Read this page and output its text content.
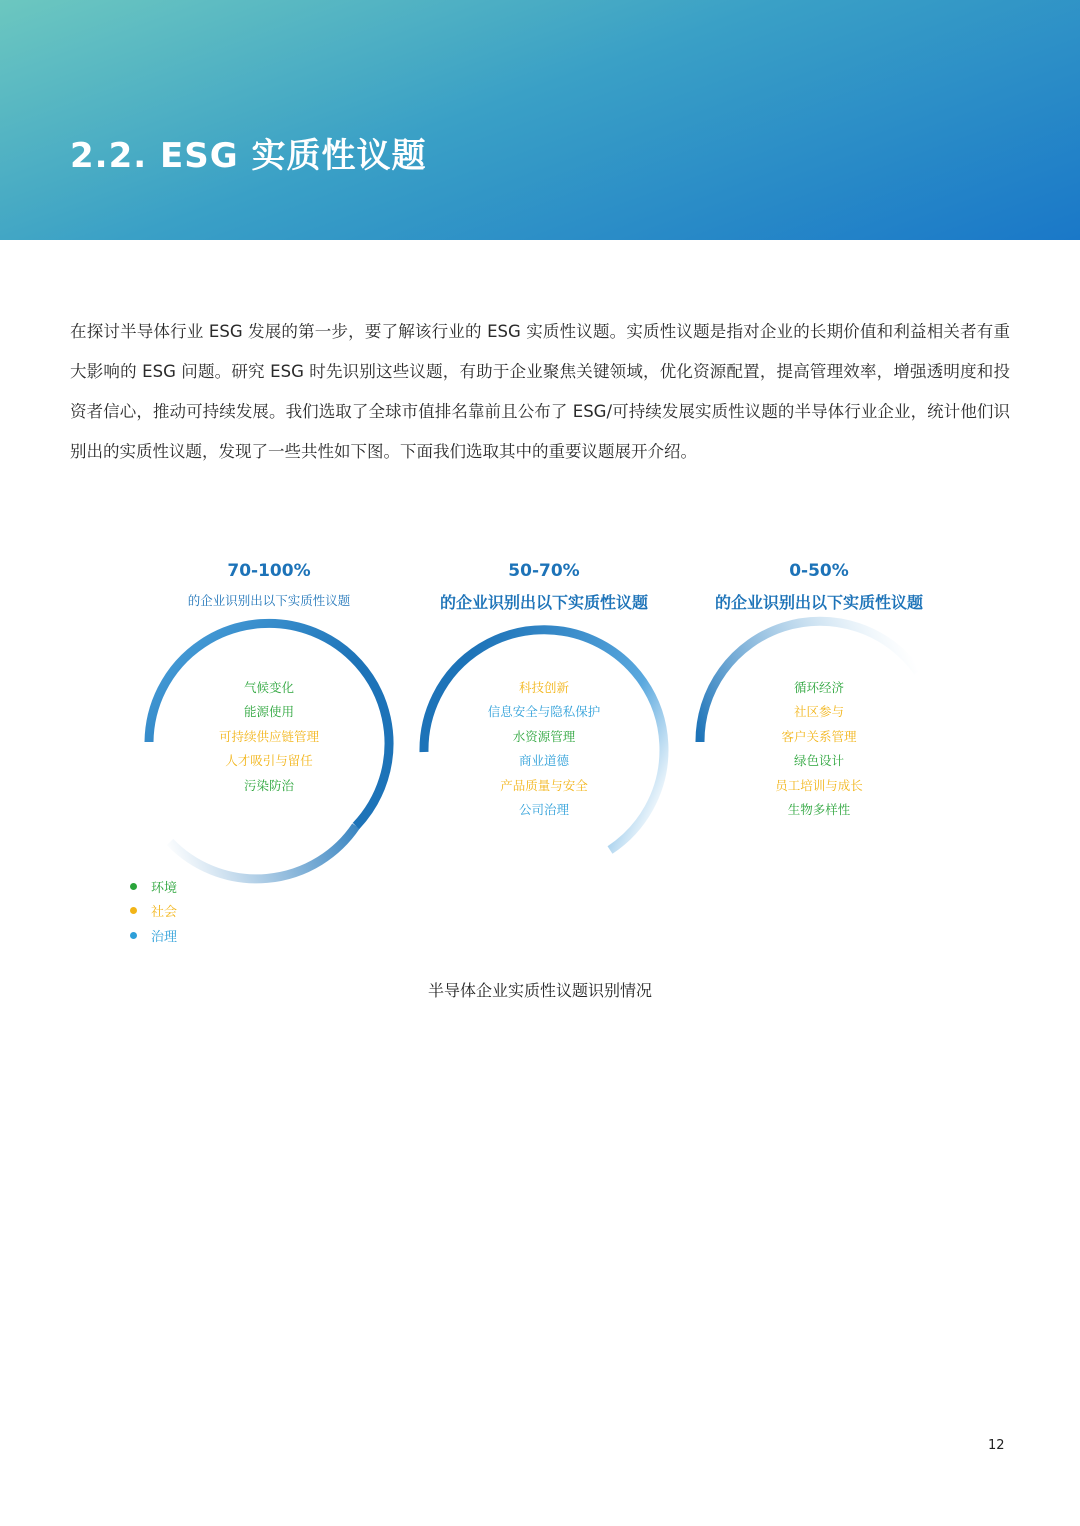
2.2. ESG 实质性议题

在探讨半导体行业 ESG 发展的第一步，要了解该行业的 ESG 实质性议题。实质性议题是指对企业的长期价值和利益相关者有重大影响的 ESG 问题。研究 ESG 时先识别这些议题，有助于企业聚焦关键领域，优化资源配置，提高管理效率，增强透明度和投资者信心，推动可持续发展。我们选取了全球市值排名靠前且公布了 ESG/可持续发展实质性议题的半导体行业企业，统计他们识别出的实质性议题，发现了一些共性如下图。下面我们选取其中的重要议题展开介绍。

70-100%
的企业识别出以下实质性议题
50-70%
的企业识别出以下实质性议题
0-50%
的企业识别出以下实质性议题
气候变化
能源使用
可持续供应链管理
人才吸引与留任
污染防治
科技创新
信息安全与隐私保护
水资源管理
商业道德
产品质量与安全
公司治理
循环经济
社区参与
客户关系管理
绿色设计
员工培训与成长
生物多样性
环境
社会
治理
半导体企业实质性议题识别情况
12
